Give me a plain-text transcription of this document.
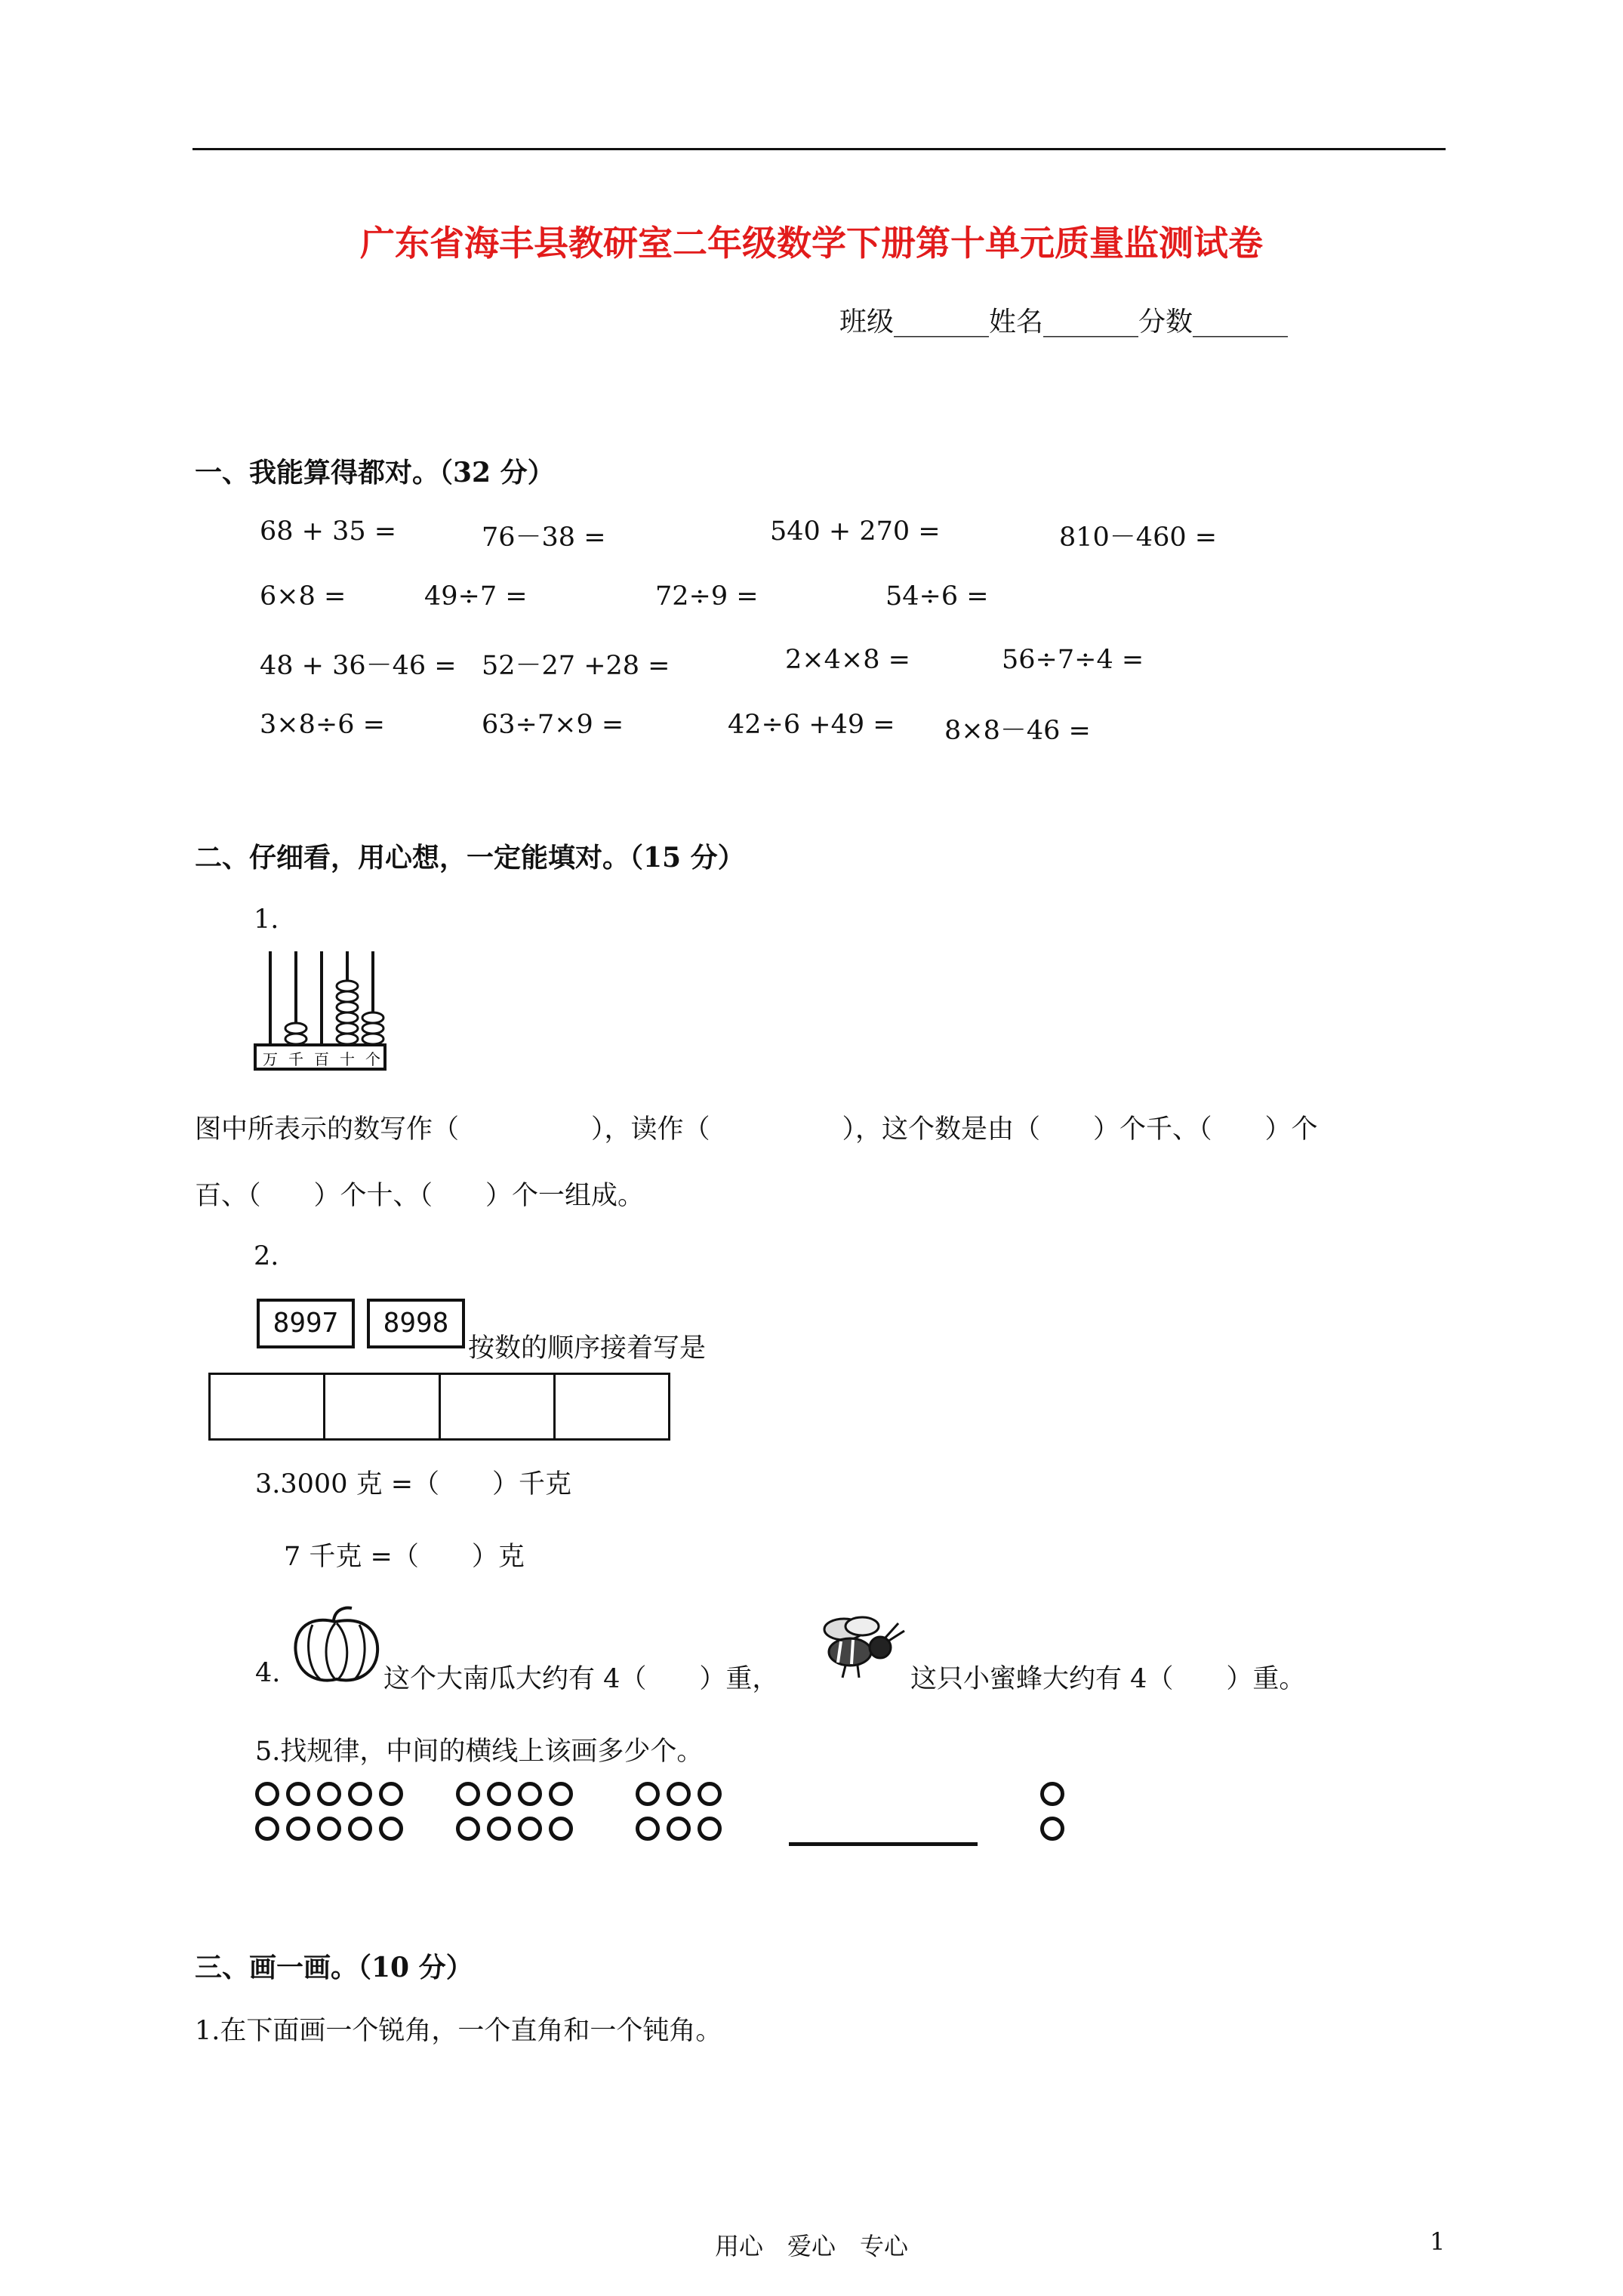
广东省海丰县教研室二年级数学下册第十单元质量监测试卷
班级_______姓名_______分数_______
一、我能算得都对。（32 分）
68 + 35 =	76－38 =	540 + 270 =	810－460 =
6×8 =	49÷7 =	72÷9 =	54÷6 =
48 + 36－46 = 52－27 +28 =	2×4×8 =	56÷7÷4 =
3×8÷6 =	63÷7×9 =	42÷6 +49 = 8×8－46 =
二、仔细看，用心想，一定能填对。（15 分）
1.
万 千 百 十 个
图中所表示的数写作（　　　　　），读作（　　　　　），这个数是由（　　）个千、（　　）个
百、（　　）个十、（　　）个一组成。
2.
8997	8998
按数的顺序接着写是
3.3000 克 =（　　）千克
7 千克 =（　　）克
4.	这个大南瓜大约有 4（　　）重，	这只小蜜蜂大约有 4（　　）重。
5.找规律，中间的横线上该画多少个。
三、画一画。（10 分）
1.在下面画一个锐角，一个直角和一个钝角。
用心　爱心　专心	1
